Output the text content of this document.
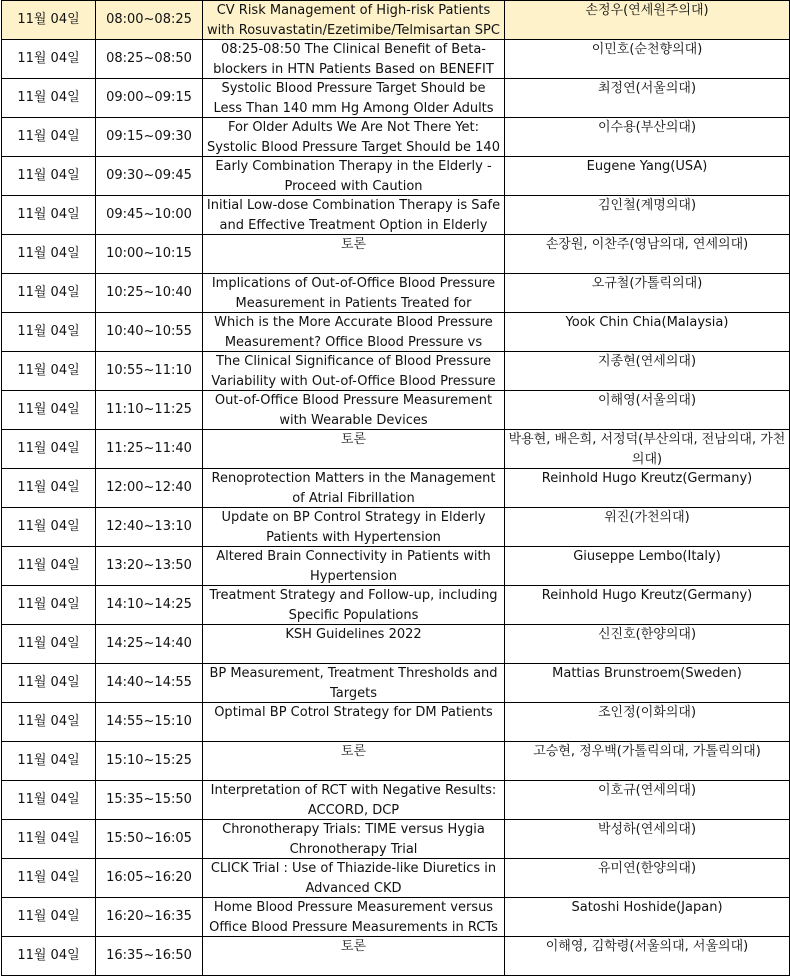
11월 04일	08:00~08:25	CV Risk Management of High-risk Patients with Rosuvastatin/Ezetimibe/Telmisartan SPC	손정우(연세원주의대)

11월 04일	08:25~08:50	08:25-08:50 The Clinical Benefit of Beta-blockers in HTN Patients Based on BENEFIT	이민호(순천향의대)

11월 04일	09:00~09:15	Systolic Blood Pressure Target Should be Less Than 140 mm Hg Among Older Adults	최정연(서울의대)

11월 04일	09:15~09:30	For Older Adults We Are Not There Yet: Systolic Blood Pressure Target Should be 140	이수용(부산의대)

11월 04일	09:30~09:45	Early Combination Therapy in the Elderly - Proceed with Caution	Eugene Yang(USA)

11월 04일	09:45~10:00	Initial Low-dose Combination Therapy is Safe and Effective Treatment Option in Elderly	김인철(계명의대)

11월 04일	10:00~10:15	토론	손장원, 이찬주(영남의대, 연세의대)

11월 04일	10:25~10:40	Implications of Out-of-Office Blood Pressure Measurement in Patients Treated for	오규철(가톨릭의대)

11월 04일	10:40~10:55	Which is the More Accurate Blood Pressure Measurement? Office Blood Pressure vs	Yook Chin Chia(Malaysia)

11월 04일	10:55~11:10	The Clinical Significance of Blood Pressure Variability with Out-of-Office Blood Pressure	지종현(연세의대)

11월 04일	11:10~11:25	Out-of-Office Blood Pressure Measurement with Wearable Devices	이해영(서울의대)

11월 04일	11:25~11:40	토론	박용현, 배은희, 서정덕(부산의대, 전남의대, 가천의대)

11월 04일	12:00~12:40	Renoprotection Matters in the Management of Atrial Fibrillation	Reinhold Hugo Kreutz(Germany)

11월 04일	12:40~13:10	Update on BP Control Strategy in Elderly Patients with Hypertension	위진(가천의대)

11월 04일	13:20~13:50	Altered Brain Connectivity in Patients with Hypertension	Giuseppe Lembo(Italy)

11월 04일	14:10~14:25	Treatment Strategy and Follow-up, including Specific Populations	Reinhold Hugo Kreutz(Germany)

11월 04일	14:25~14:40	KSH Guidelines 2022	신진호(한양의대)

11월 04일	14:40~14:55	BP Measurement, Treatment Thresholds and Targets	Mattias Brunstroem(Sweden)

11월 04일	14:55~15:10	Optimal BP Cotrol Strategy for DM Patients	조인정(이화의대)

11월 04일	15:10~15:25	토론	고승현, 정우백(가톨릭의대, 가톨릭의대)

11월 04일	15:35~15:50	Interpretation of RCT with Negative Results: ACCORD, DCP	이호규(연세의대)

11월 04일	15:50~16:05	Chronotherapy Trials: TIME versus Hygia Chronotherapy Trial	박성하(연세의대)

11월 04일	16:05~16:20	CLICK Trial : Use of Thiazide-like Diuretics in Advanced CKD	유미연(한양의대)

11월 04일	16:20~16:35	Home Blood Pressure Measurement versus Office Blood Pressure Measurements in RCTs	Satoshi Hoshide(Japan)

11월 04일	16:35~16:50	토론	이해영, 김학령(서울의대, 서울의대)
